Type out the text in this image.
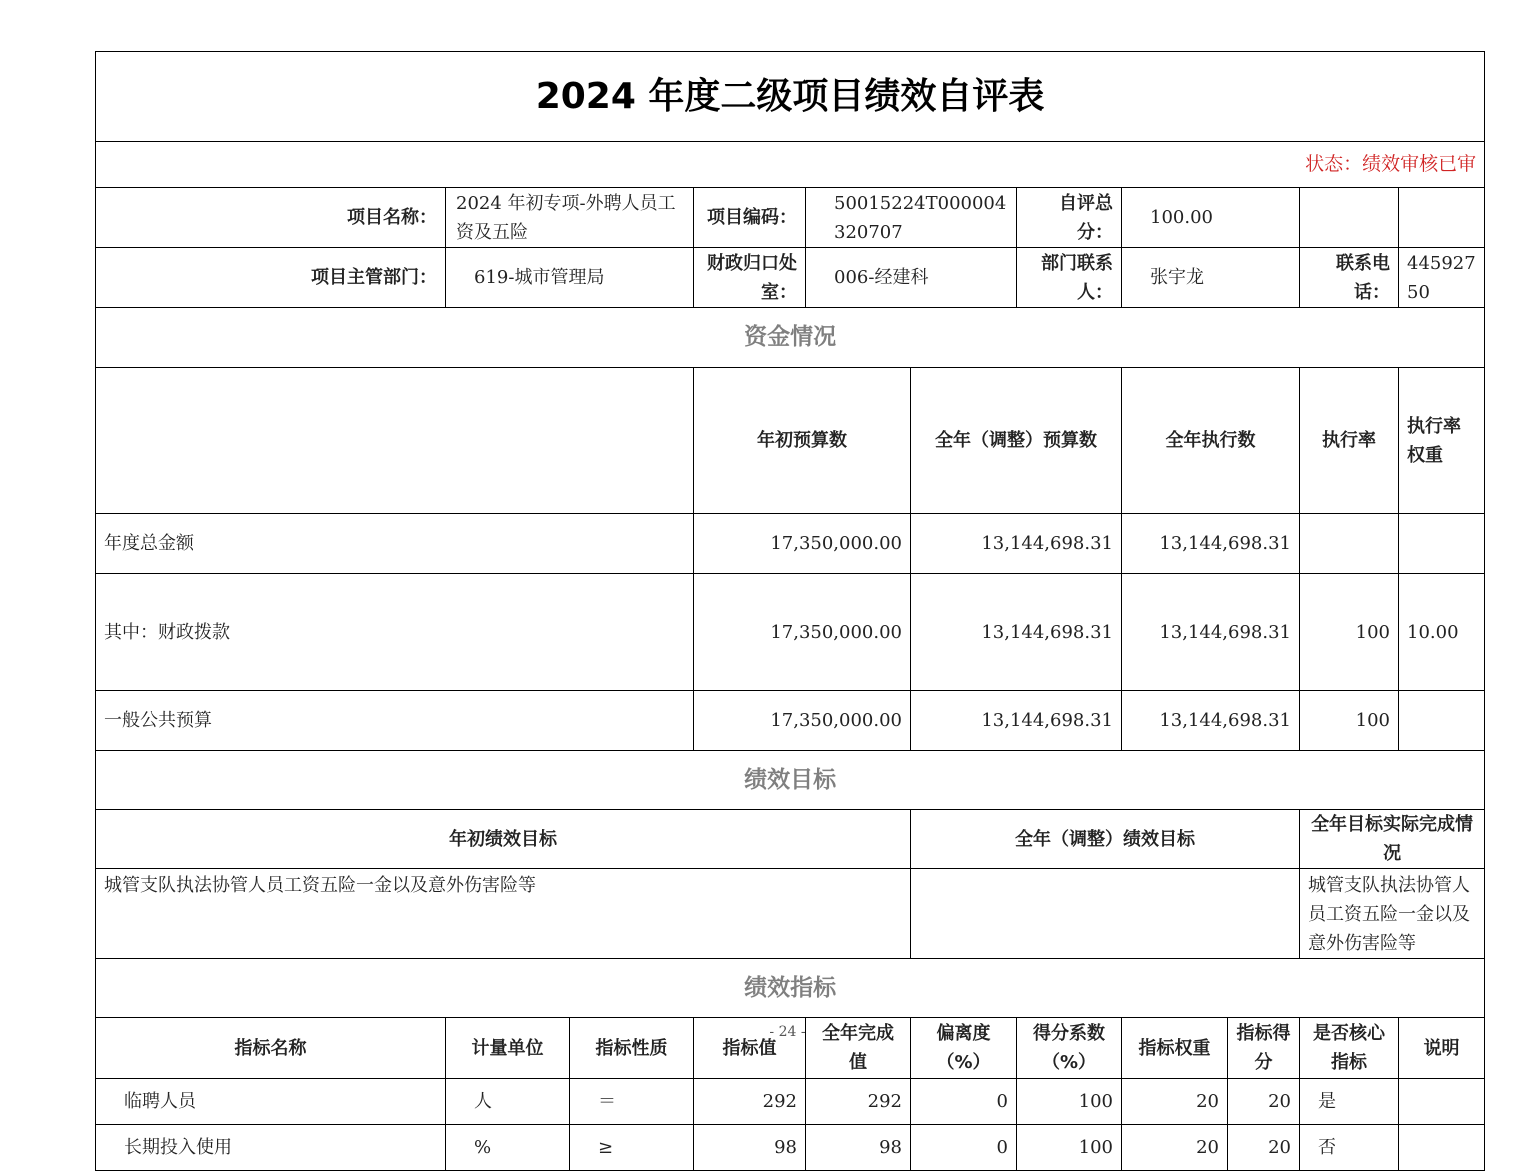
2024 年度二级项目绩效自评表											
状态：绩效审核已审											
项目名称：	2024 年初专项-外聘人员工资及五险		项目编码：	50015224T000004320707		自评总分：	100.00				
项目主管部门：	619-城市管理局		财政归口处室：	006-经建科		部门联系人：	张宇龙		联系电话：	44592750	
资金情况											
			年初预算数		全年（调整）预算数		全年执行数		执行率	执行率权重	
年度总金额			17,350,000.00		13,144,698.31		13,144,698.31				
其中：财政拨款			17,350,000.00		13,144,698.31		13,144,698.31		100	10.00	
一般公共预算			17,350,000.00		13,144,698.31		13,144,698.31		100		
绩效目标											
年初绩效目标					全年（调整）绩效目标				全年目标实际完成情况		
城管支队执法协管人员工资五险一金以及意外伤害险等									城管支队执法协管人员工资五险一金以及意外伤害险等		
绩效指标											
指标名称	计量单位	指标性质	指标值	全年完成值	偏离度（%）	得分系数（%）	指标权重	指标得分	是否核心指标	说明	
临聘人员	人	＝	292	292	0	100	20	20	是		
长期投入使用	%	≥	98	98	0	100	20	20	否		
- 24 -
